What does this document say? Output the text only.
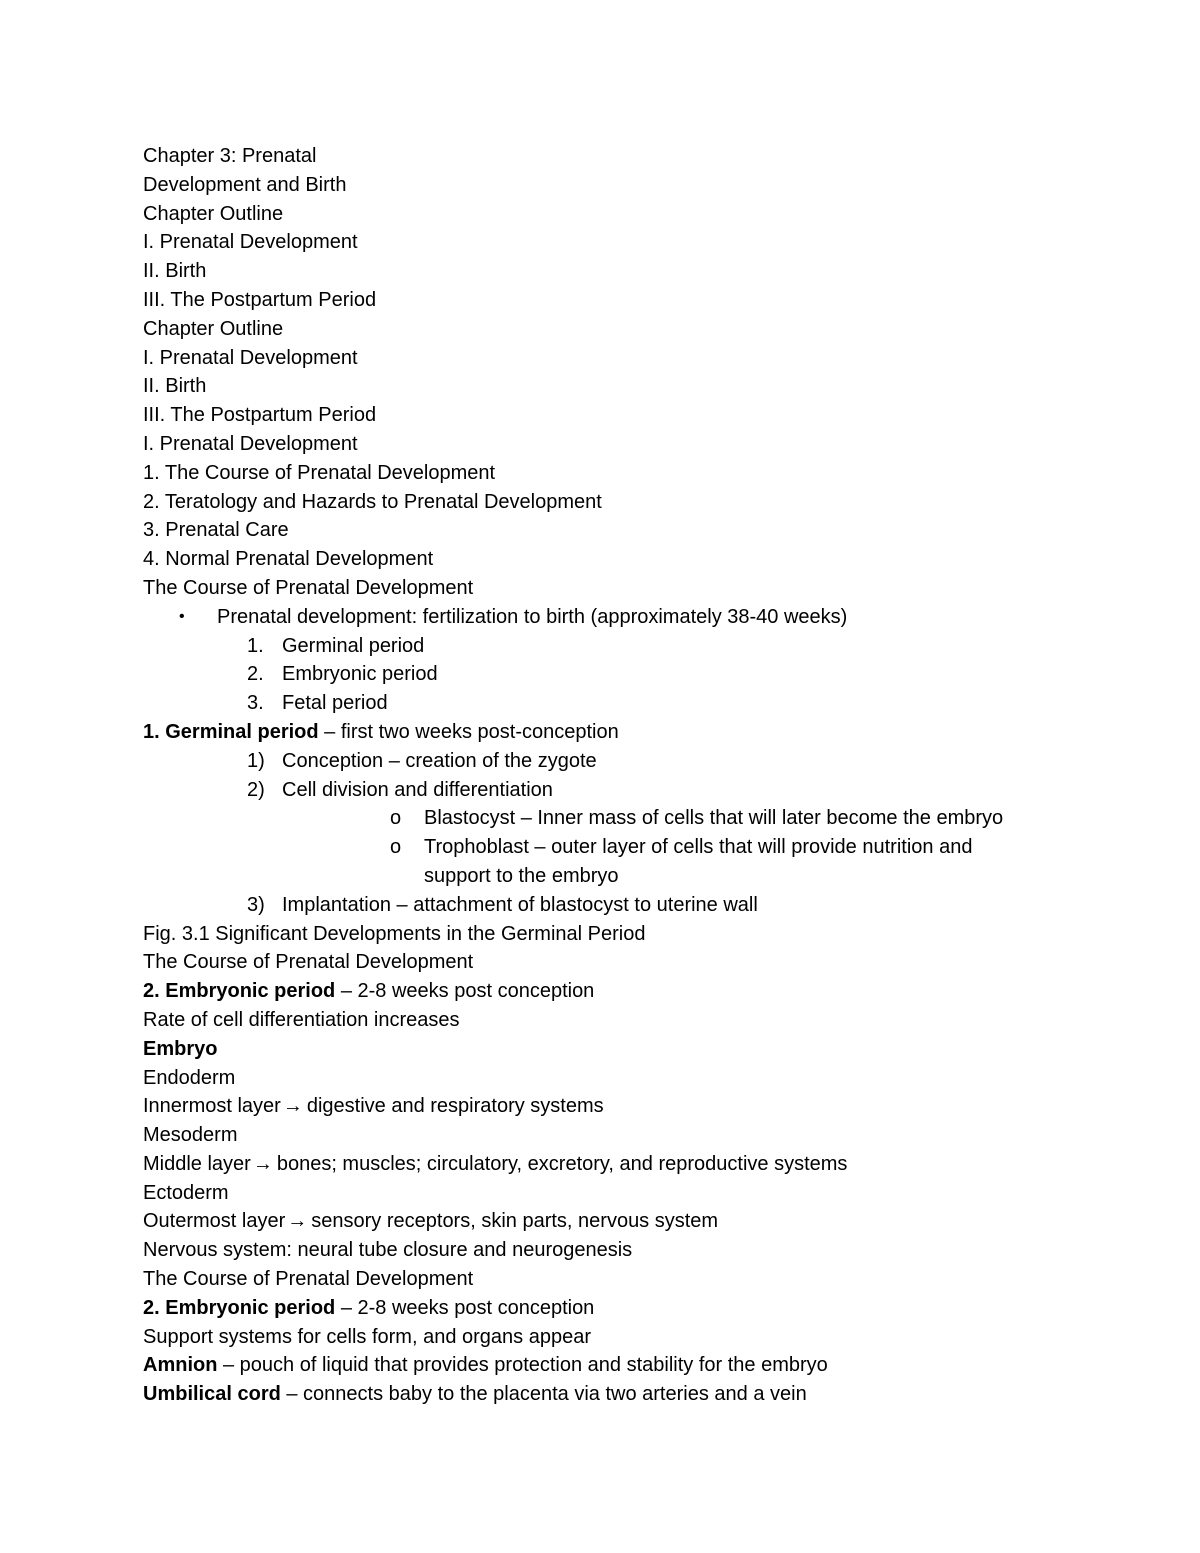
Chapter 3: Prenatal
Development and Birth
Chapter Outline
I. Prenatal Development
II. Birth
III. The Postpartum Period
Chapter Outline
I. Prenatal Development
II. Birth
III. The Postpartum Period
I. Prenatal Development
1. The Course of Prenatal Development
2. Teratology and Hazards to Prenatal Development
3. Prenatal Care
4. Normal Prenatal Development
The Course of Prenatal Development
• Prenatal development: fertilization to birth (approximately 38-40 weeks)
1. Germinal period
2. Embryonic period
3. Fetal period
1. Germinal period – first two weeks post-conception
1) Conception – creation of the zygote
2) Cell division and differentiation
o Blastocyst – Inner mass of cells that will later become the embryo
o Trophoblast – outer layer of cells that will provide nutrition and
support to the embryo
3) Implantation – attachment of blastocyst to uterine wall
Fig. 3.1 Significant Developments in the Germinal Period
The Course of Prenatal Development
2. Embryonic period – 2-8 weeks post conception
Rate of cell differentiation increases
Embryo
Endoderm
Innermost layer → digestive and respiratory systems
Mesoderm
Middle layer → bones; muscles; circulatory, excretory, and reproductive systems
Ectoderm
Outermost layer → sensory receptors, skin parts, nervous system
Nervous system: neural tube closure and neurogenesis
The Course of Prenatal Development
2. Embryonic period – 2-8 weeks post conception
Support systems for cells form, and organs appear
Amnion – pouch of liquid that provides protection and stability for the embryo
Umbilical cord – connects baby to the placenta via two arteries and a vein
